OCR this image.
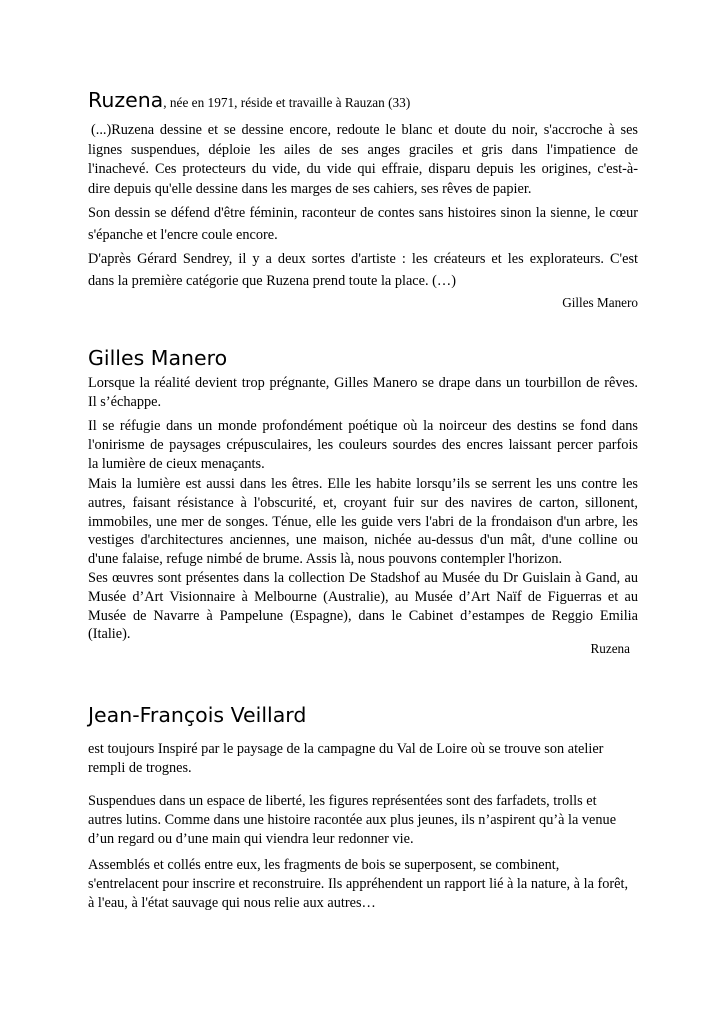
Ruzena, née en 1971, réside et travaille à Rauzan (33)
(...)Ruzena dessine et se dessine encore, redoute le blanc et doute du noir, s'accroche à ses
lignes suspendues, déploie les ailes de ses anges graciles et gris dans l'impatience de
l'inachevé. Ces protecteurs du vide, du vide qui effraie, disparu depuis les origines, c'est-à-
dire depuis qu'elle dessine dans les marges de ses cahiers, ses rêves de papier.
Son dessin se défend d'être féminin, raconteur de contes sans histoires sinon la sienne, le cœur
s'épanche et l'encre coule encore.
D'après Gérard Sendrey, il y a deux sortes d'artiste : les créateurs et les explorateurs. C'est
dans la première catégorie que Ruzena prend toute la place. (…)
Gilles Manero
Gilles Manero
Lorsque la réalité devient trop prégnante, Gilles Manero se drape dans un tourbillon de rêves.
Il s’échappe.
Il se réfugie dans un monde profondément poétique où la noirceur des destins se fond dans
l'onirisme de paysages crépusculaires, les couleurs sourdes des encres laissant percer parfois
la lumière de cieux menaçants.
Mais la lumière est aussi dans les êtres. Elle les habite lorsqu’ils se serrent les uns contre les
autres, faisant résistance à l'obscurité, et, croyant fuir sur des navires de carton, sillonent,
immobiles, une mer de songes. Ténue, elle les guide vers l'abri de la frondaison d'un arbre, les
vestiges d'architectures anciennes, une maison, nichée au-dessus d'un mât, d'une colline ou
d'une falaise, refuge nimbé de brume. Assis là, nous pouvons contempler l'horizon.
Ses œuvres sont présentes dans la collection De Stadshof au Musée du Dr Guislain à Gand, au
Musée d’Art Visionnaire à Melbourne (Australie), au Musée d’Art Naïf de Figuerras et au
Musée de Navarre à Pampelune (Espagne), dans le Cabinet d’estampes de Reggio Emilia
(Italie).
Ruzena
Jean-François Veillard
est toujours Inspiré par le paysage de la campagne du Val de Loire où se trouve son atelier
rempli de trognes.
Suspendues dans un espace de liberté, les figures représentées sont des farfadets, trolls et
autres lutins. Comme dans une histoire racontée aux plus jeunes, ils n’aspirent qu’à la venue
d’un regard ou d’une main qui viendra leur redonner vie.
Assemblés et collés entre eux, les fragments de bois se superposent, se combinent,
s'entrelacent pour inscrire et reconstruire. Ils appréhendent un rapport lié à la nature, à la forêt,
à l'eau, à l'état sauvage qui nous relie aux autres…
